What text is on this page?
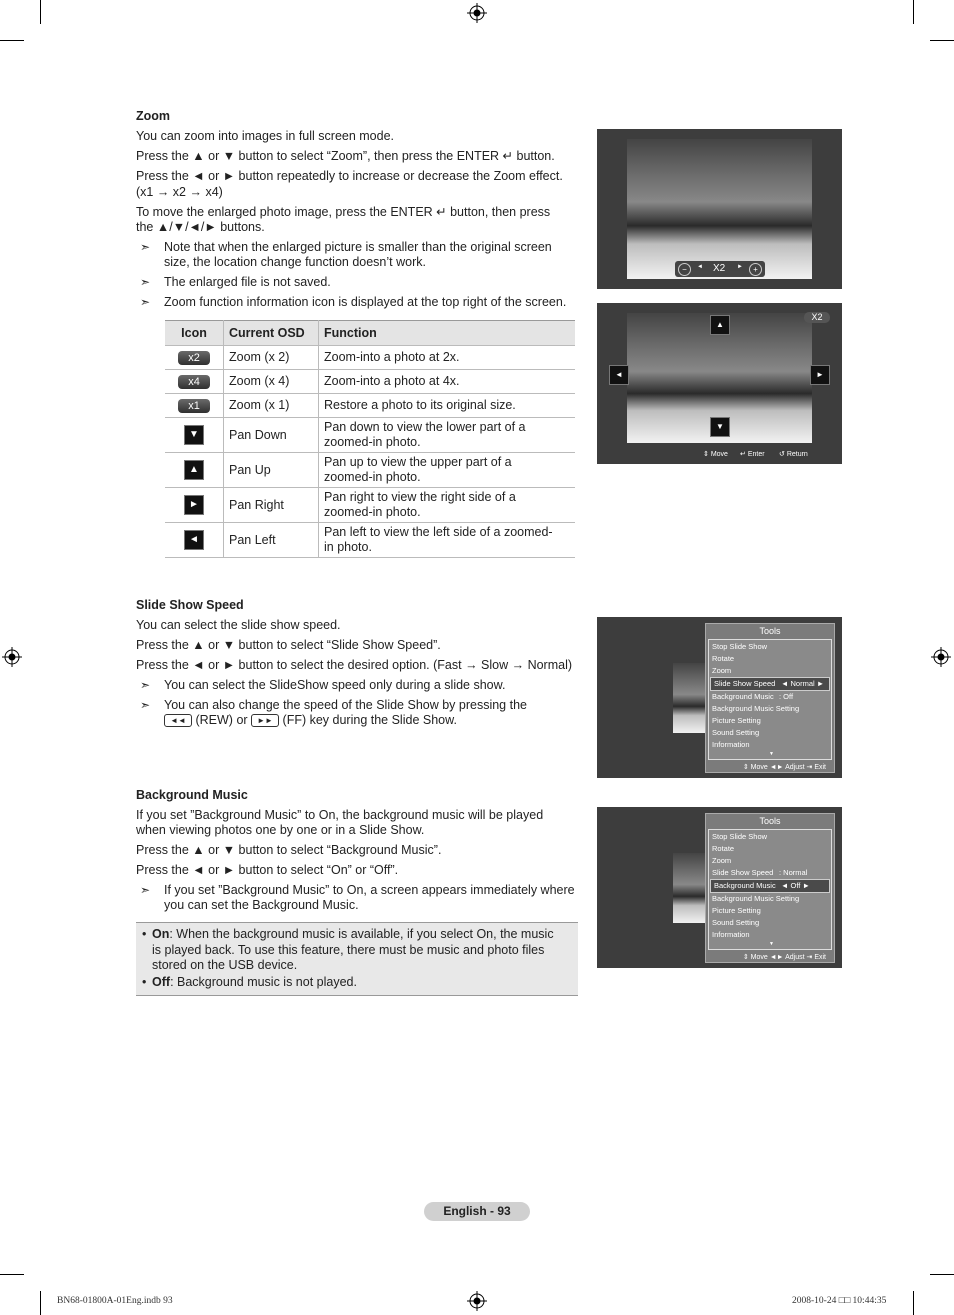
Zoom
You can zoom into images in full screen mode.
Press the ▲ or ▼ button to select “Zoom”, then press the ENTER ↵ button.
Press the ◄ or ► button repeatedly to increase or decrease the Zoom effect.
(x1 → x2 → x4)
To move the enlarged photo image, press the ENTER ↵ button, then press
the ▲/▼/◄/► buttons.
➣ Note that when the enlarged picture is smaller than the original screen
size, the location change function doesn’t work.
➣ The enlarged file is not saved.
➣ Zoom function information icon is displayed at the top right of the screen.
Icon	Current OSD	Function
x2	Zoom (x 2)	Zoom-into a photo at 2x.

x4	Zoom (x 4)	Zoom-into a photo at 4x.

x1	Zoom (x 1)	Restore a photo to its original size.

▼	Pan Down	Pan down to view the lower part of a
zoomed-in photo.

▲	Pan Up	Pan up to view the upper part of a
zoomed-in photo.

►	Pan Right	Pan right to view the right side of a
zoomed-in photo.

◄	Pan Left	Pan left to view the left side of a zoomed-
in photo.
−	◄ X2 ►	+
X2
▲
▼
◄	►
⇕ Move ↵ Enter ↺ Return
Slide Show Speed
You can select the slide show speed.
Press the ▲ or ▼ button to select “Slide Show Speed”.
Press the ◄ or ► button to select the desired option. (Fast → Slow → Normal)
➣ You can select the SlideShow speed only during a slide show.
➣ You can also change the speed of the Slide Show by pressing the
◄◄ (REW) or ►► (FF) key during the Slide Show.
Tools
Stop Slide Show
Rotate
Zoom
Slide Show Speed ◄ Normal ►
Background Music : Off
Background Music Setting
Picture Setting
Sound Setting
Information
▼
⇕ Move ◄► Adjust ⇥ Exit
Background Music
If you set ”Background Music” to On, the background music will be played
when viewing photos one by one or in a Slide Show.
Press the ▲ or ▼ button to select “Background Music”.
Press the ◄ or ► button to select “On” or “Off”.
➣ If you set ”Background Music” to On, a screen appears immediately where
you can set the Background Music.
• On: When the background music is available, if you select On, the music
is played back. To use this feature, there must be music and photo files
stored on the USB device.
• Off: Background music is not played.
Tools
Stop Slide Show
Rotate
Zoom
Slide Show Speed : Normal
Background Music ◄ Off ►
Background Music Setting
Picture Setting
Sound Setting
Information
▼
⇕ Move ◄► Adjust ⇥ Exit
English - 93
BN68-01800A-01Eng.indb 93	2008-10-24 □□ 10:44:35
